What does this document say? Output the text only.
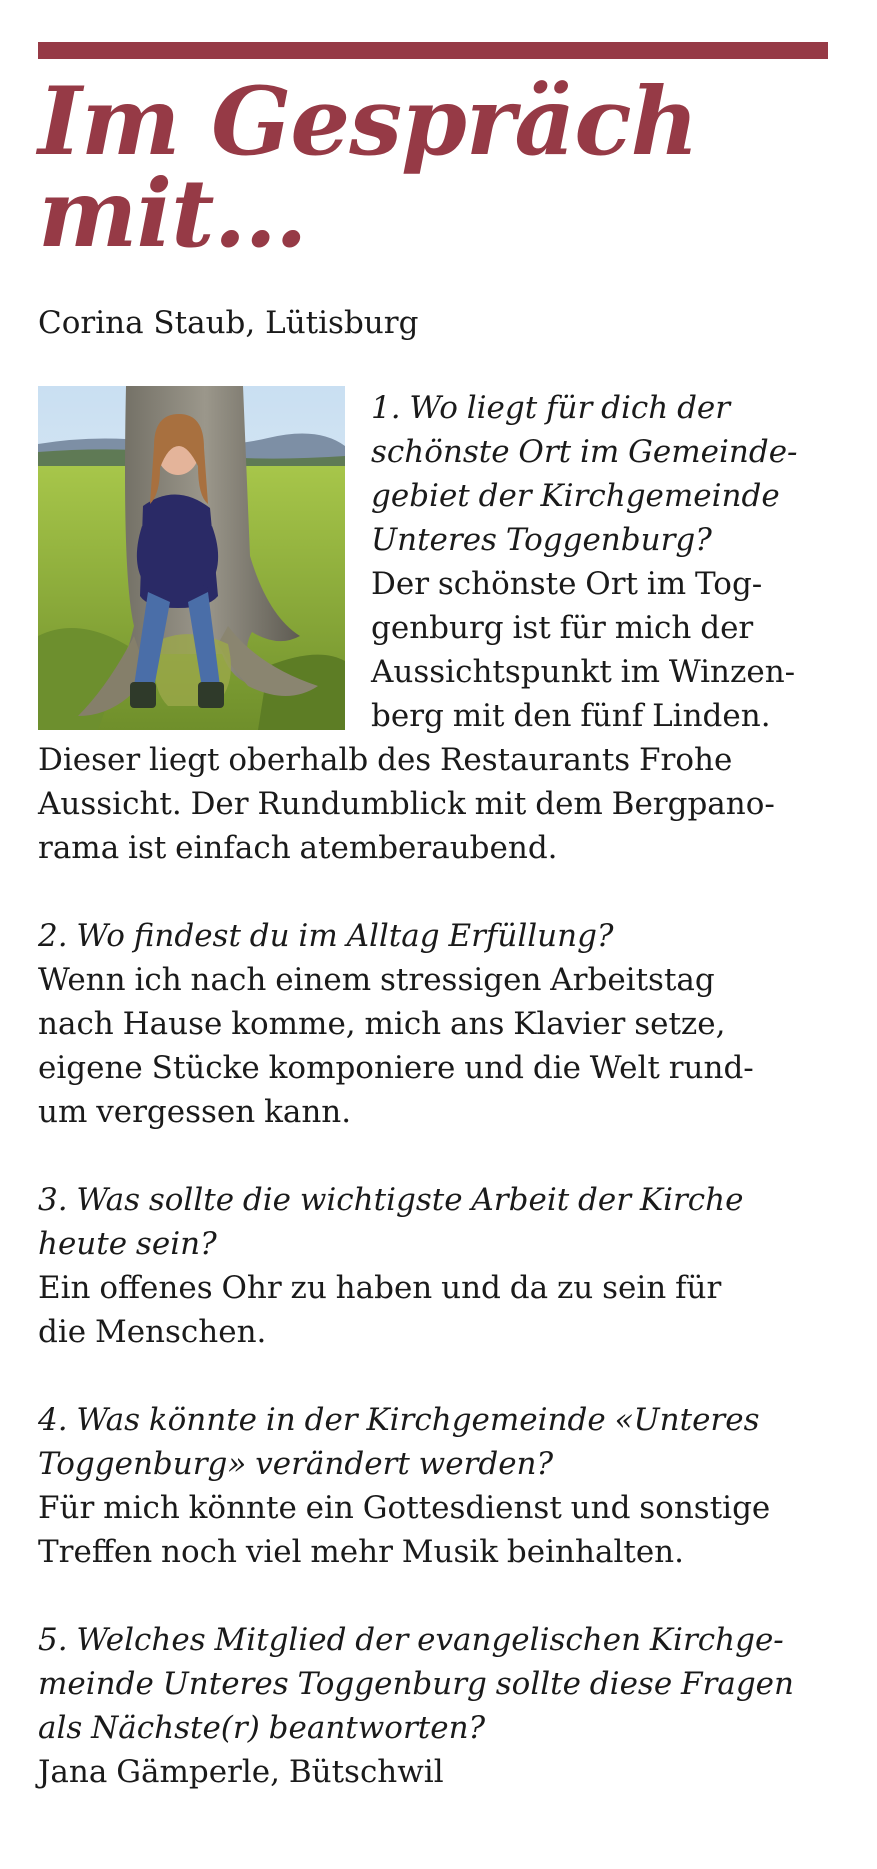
Im Gespräch
mit…

Corina Staub, Lütisburg

1. Wo liegt für dich der
schönste Ort im Gemeinde-
gebiet der Kirchgemeinde
Unteres Toggenburg?
Der schönste Ort im Tog-
genburg ist für mich der
Aussichtspunkt im Winzen-
berg mit den fünf Linden.
Dieser liegt oberhalb des Restaurants Frohe
Aussicht. Der Rundumblick mit dem Bergpano-
rama ist einfach atemberaubend.
2. Wo findest du im Alltag Erfüllung?
Wenn ich nach einem stressigen Arbeitstag
nach Hause komme, mich ans Klavier setze,
eigene Stücke komponiere und die Welt rund-
um vergessen kann.
3. Was sollte die wichtigste Arbeit der Kirche
heute sein?
Ein offenes Ohr zu haben und da zu sein für
die Menschen.
4. Was könnte in der Kirchgemeinde «Unteres
Toggenburg» verändert werden?
Für mich könnte ein Gottesdienst und sonstige
Treffen noch viel mehr Musik beinhalten.
5. Welches Mitglied der evangelischen Kirchge-
meinde Unteres Toggenburg sollte diese Fragen
als Nächste(r) beantworten?
Jana Gämperle, Bütschwil
